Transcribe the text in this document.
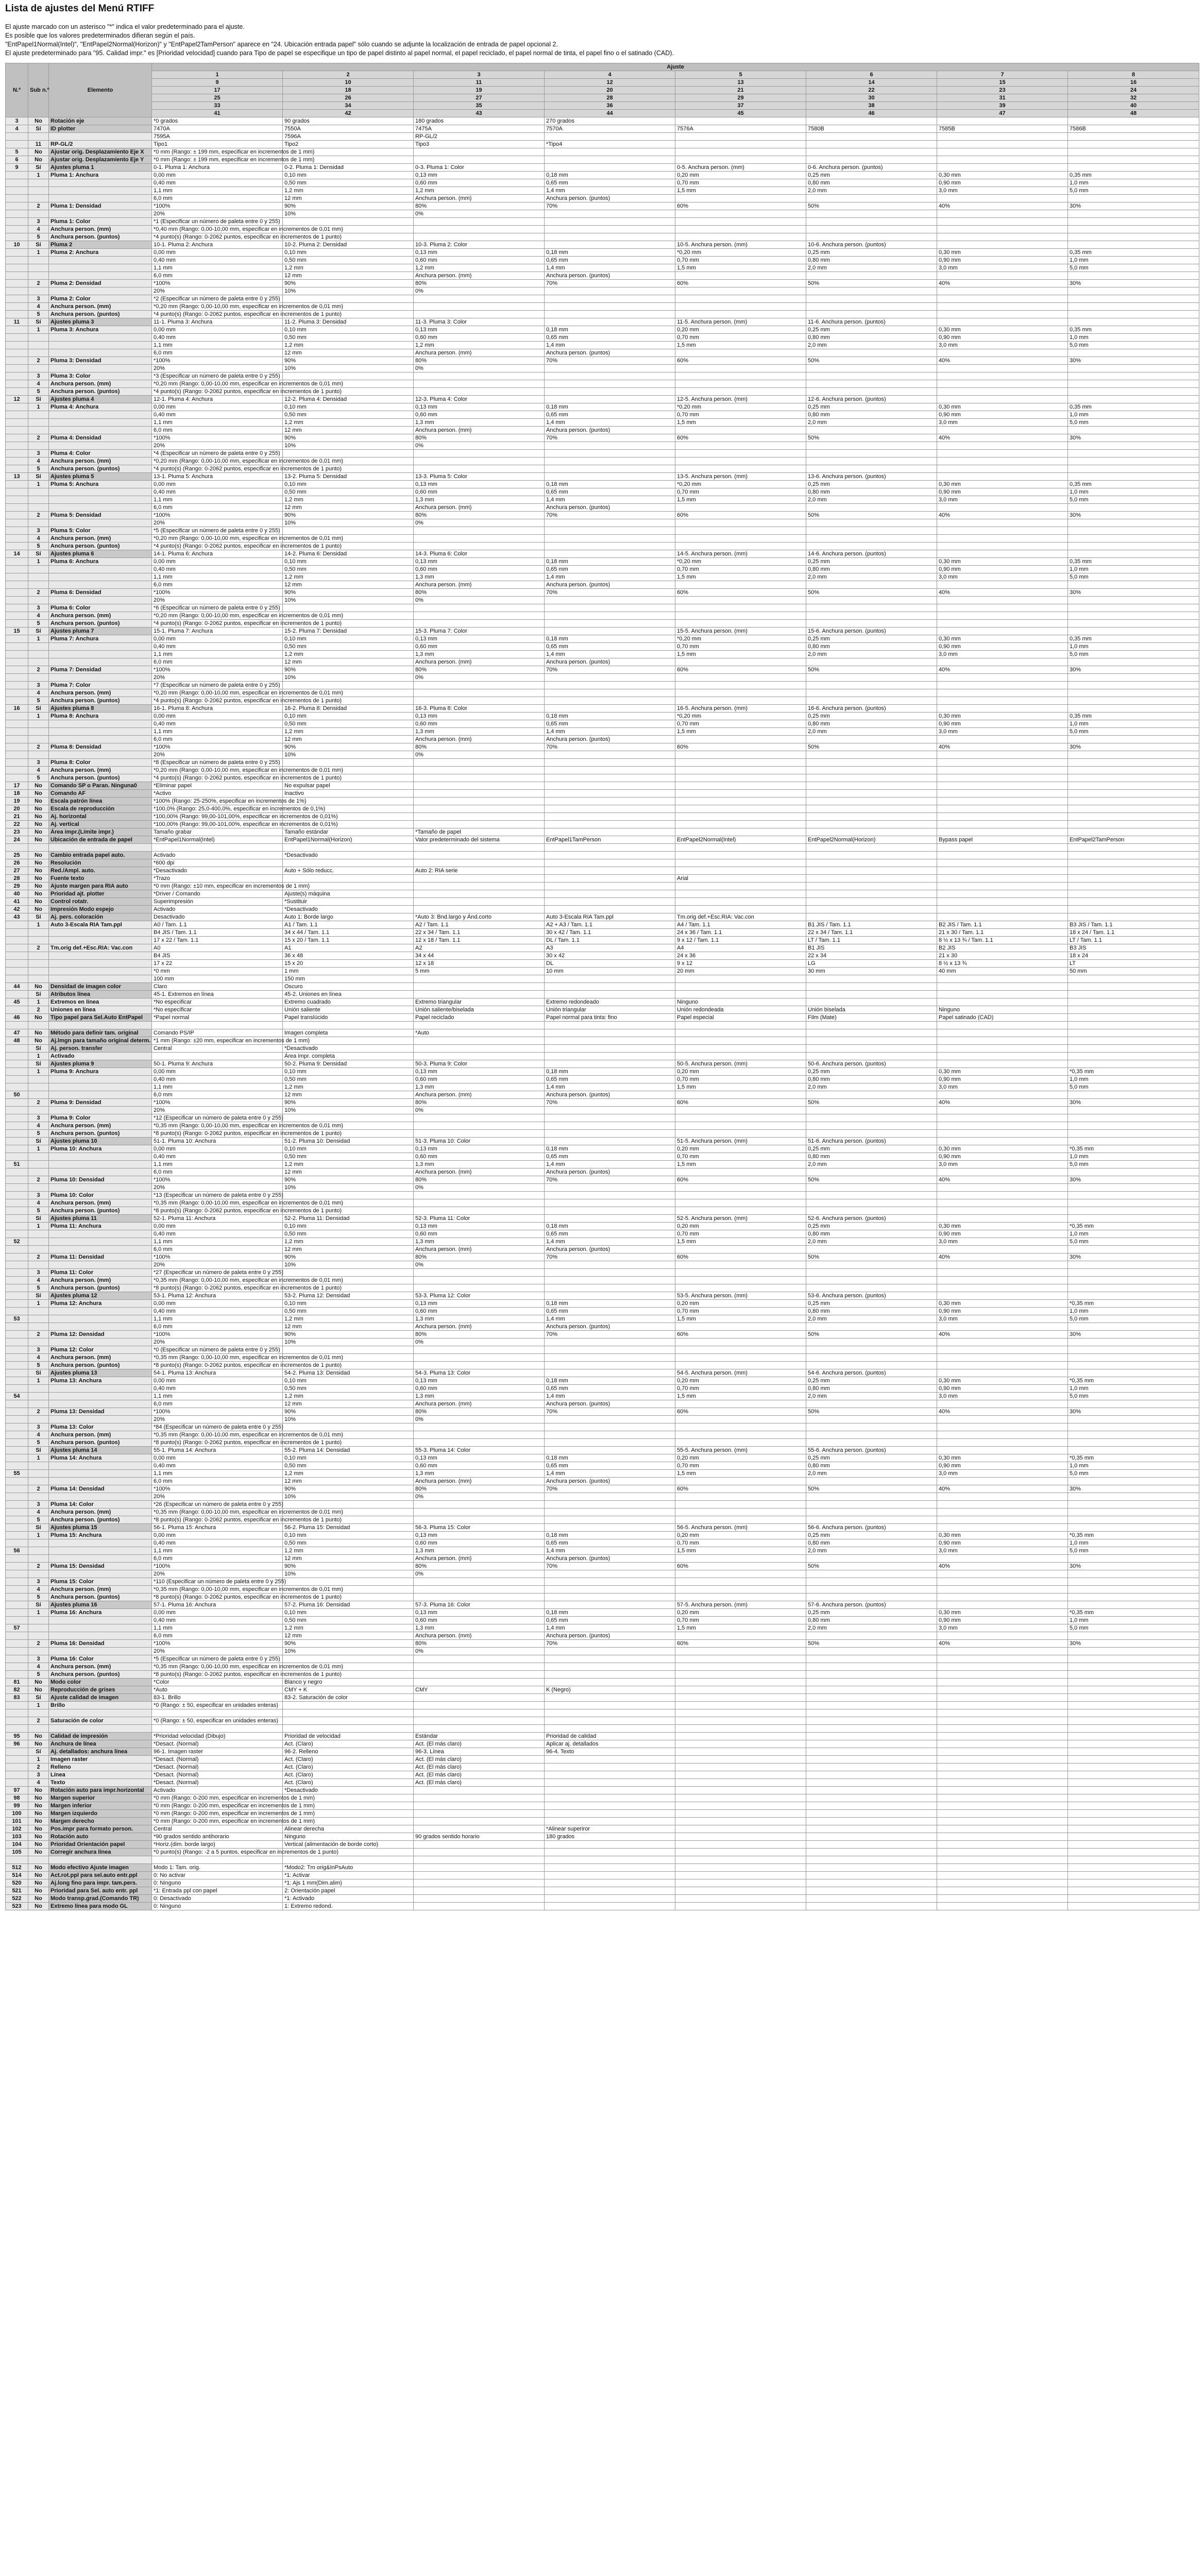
Lista de ajustes del Menú RTIFF

El ajuste marcado con un asterisco "*" indica el valor predeterminado para el ajuste.

Es posible que los valores predeterminados difieran según el país.

"EntPapel1Normal(Intel)", "EntPapel2Normal(Horizon)" y "EntPapel2TamPerson" aparece en "24. Ubicación entrada papel" sólo cuando se adjunte la localización de entrada de papel opcional 2.

El ajuste predeterminado para "95. Calidad impr." es [Prioridad velocidad] cuando para Tipo de papel se especifique un tipo de papel distinto al papel normal, el papel reciclado, el papel normal de tinta, el papel fino o el satinado (CAD).

N.º	Sub n.º	Elemento	Ajuste							
			1	2	3	4	5	6	7	8
			9	10	11	12	13	14	15	16
			17	18	19	20	21	22	23	24
			25	26	27	28	29	30	31	32
			33	34	35	36	37	38	39	40
			41	42	43	44	45	46	47	48
3	No	Rotación eje	*0 grados	90 grados	180 grados	270 grados				
4	Sí	ID plotter	7470A	7550A	7475A	7570A	7576A	7580B	7585B	7586B
			7595A	7596A	RP-GL/2					
	11	RP-GL/2	Tipo1	Tipo2	Tipo3	*Tipo4				
5	No	Ajustar orig. Desplazamiento Eje X	*0 mm (Rango: ± 199 mm, especificar en incrementos de 1 mm)							
6	No	Ajustar orig. Desplazamiento Eje Y	*0 mm (Rango: ± 199 mm, especificar en incrementos de 1 mm)							
9	Sí	Ajustes pluma 1	0-1. Pluma 1: Anchura	0-2. Pluma 1: Densidad	0-3. Pluma 1: Color		0-5. Anchura person. (mm)	0-6. Anchura person. (puntos)		
	1	Pluma 1: Anchura	0,00 mm	0,10 mm	0,13 mm	0,18 mm	0,20 mm	0,25 mm	0,30 mm	0,35 mm
			0,40 mm	0,50 mm	0,60 mm	0,65 mm	0,70 mm	0,80 mm	0,90 mm	1,0 mm
			1,1 mm	1,2 mm	1,2 mm	1,4 mm	1,5 mm	2,0 mm	3,0 mm	5,0 mm
			6,0 mm	12 mm	Anchura person. (mm)	Anchura person. (puntos)				
	2	Pluma 1: Densidad	*100%	90%	80%	70%	60%	50%	40%	30%
			20%	10%	0%					
	3	Pluma 1: Color	*1 (Especificar un número de paleta entre 0 y 255)							
	4	Anchura person. (mm)	*0,40 mm (Rango: 0,00-10,00 mm, especificar en incrementos de 0,01 mm)							
	5	Anchura person. (puntos)	*4 punto(s) (Rango: 0-2062 puntos, especificar en incrementos de 1 punto)							
10	Sí	Pluma 2	10-1. Pluma 2: Anchura	10-2. Pluma 2: Densidad	10-3. Pluma 2: Color		10-5. Anchura person. (mm)	10-6. Anchura person. (puntos)		
	1	Pluma 2: Anchura	0,00 mm	0,10 mm	0,13 mm	0,18 mm	*0,20 mm	0,25 mm	0,30 mm	0,35 mm
			0,40 mm	0,50 mm	0,60 mm	0,65 mm	0,70 mm	0,80 mm	0,90 mm	1,0 mm
			1,1 mm	1,2 mm	1,2 mm	1,4 mm	1,5 mm	2,0 mm	3,0 mm	5,0 mm
			6,0 mm	12 mm	Anchura person. (mm)	Anchura person. (puntos)				
	2	Pluma 2: Densidad	*100%	90%	80%	70%	60%	50%	40%	30%
			20%	10%	0%					
	3	Pluma 2: Color	*2 (Especificar un número de paleta entre 0 y 255)							
	4	Anchura person. (mm)	*0,20 mm (Rango: 0,00-10,00 mm, especificar en incrementos de 0,01 mm)							
	5	Anchura person. (puntos)	*4 punto(s) (Rango: 0-2062 puntos, especificar en incrementos de 1 punto)							
11	Sí	Ajustes pluma 3	11-1. Pluma 3: Anchura	11-2. Pluma 3: Densidad	11-3. Pluma 3: Color		11-5. Anchura person. (mm)	11-6. Anchura person. (puntos)		
	1	Pluma 3: Anchura	0,00 mm	0,10 mm	0,13 mm	0,18 mm	0,20 mm	0,25 mm	0,30 mm	0,35 mm
			0,40 mm	0,50 mm	0,60 mm	0,65 mm	0,70 mm	0,80 mm	0,90 mm	1,0 mm
			1,1 mm	1,2 mm	1,2 mm	1,4 mm	1,5 mm	2,0 mm	3,0 mm	5,0 mm
			6,0 mm	12 mm	Anchura person. (mm)	Anchura person. (puntos)				
	2	Pluma 3: Densidad	*100%	90%	80%	70%	60%	50%	40%	30%
			20%	10%	0%					
	3	Pluma 3: Color	*3 (Especificar un número de paleta entre 0 y 255)							
	4	Anchura person. (mm)	*0,20 mm (Rango: 0,00-10,00 mm, especificar en incrementos de 0,01 mm)							
	5	Anchura person. (puntos)	*4 punto(s) (Rango: 0-2062 puntos, especificar en incrementos de 1 punto)							
12	Sí	Ajustes pluma 4	12-1. Pluma 4: Anchura	12-2. Pluma 4: Densidad	12-3. Pluma 4: Color		12-5. Anchura person. (mm)	12-6. Anchura person. (puntos)		
	1	Pluma 4: Anchura	0,00 mm	0,10 mm	0,13 mm	0,18 mm	*0,20 mm	0,25 mm	0,30 mm	0,35 mm
			0,40 mm	0,50 mm	0,60 mm	0,65 mm	0,70 mm	0,80 mm	0,90 mm	1,0 mm
			1,1 mm	1,2 mm	1,3 mm	1,4 mm	1,5 mm	2,0 mm	3,0 mm	5,0 mm
			6,0 mm	12 mm	Anchura person. (mm)	Anchura person. (puntos)				
	2	Pluma 4: Densidad	*100%	90%	80%	70%	60%	50%	40%	30%
			20%	10%	0%					
	3	Pluma 4: Color	*4 (Especificar un número de paleta entre 0 y 255)							
	4	Anchura person. (mm)	*0,20 mm (Rango: 0,00-10,00 mm, especificar en incrementos de 0,01 mm)							
	5	Anchura person. (puntos)	*4 punto(s) (Rango: 0-2062 puntos, especificar en incrementos de 1 punto)							
13	Sí	Ajustes pluma 5	13-1. Pluma 5: Anchura	13-2. Pluma 5: Densidad	13-3. Pluma 5: Color		13-5. Anchura person. (mm)	13-6. Anchura person. (puntos)		
	1	Pluma 5: Anchura	0,00 mm	0,10 mm	0,13 mm	0,18 mm	*0,20 mm	0,25 mm	0,30 mm	0,35 mm
			0,40 mm	0,50 mm	0,60 mm	0,65 mm	0,70 mm	0,80 mm	0,90 mm	1,0 mm
			1,1 mm	1,2 mm	1,3 mm	1,4 mm	1,5 mm	2,0 mm	3,0 mm	5,0 mm
			6,0 mm	12 mm	Anchura person. (mm)	Anchura person. (puntos)				
	2	Pluma 5: Densidad	*100%	90%	80%	70%	60%	50%	40%	30%
			20%	10%	0%					
	3	Pluma 5: Color	*5 (Especificar un número de paleta entre 0 y 255)							
	4	Anchura person. (mm)	*0,20 mm (Rango: 0,00-10,00 mm, especificar en incrementos de 0,01 mm)							
	5	Anchura person. (puntos)	*4 punto(s) (Rango: 0-2062 puntos, especificar en incrementos de 1 punto)							
14	Sí	Ajustes pluma 6	14-1. Pluma 6: Anchura	14-2. Pluma 6: Densidad	14-3. Pluma 6: Color		14-5. Anchura person. (mm)	14-6. Anchura person. (puntos)		
	1	Pluma 6: Anchura	0,00 mm	0,10 mm	0,13 mm	0,18 mm	*0,20 mm	0,25 mm	0,30 mm	0,35 mm
			0,40 mm	0,50 mm	0,60 mm	0,65 mm	0,70 mm	0,80 mm	0,90 mm	1,0 mm
			1,1 mm	1,2 mm	1,3 mm	1,4 mm	1,5 mm	2,0 mm	3,0 mm	5,0 mm
			6,0 mm	12 mm	Anchura person. (mm)	Anchura person. (puntos)				
	2	Pluma 6: Densidad	*100%	90%	80%	70%	60%	50%	40%	30%
			20%	10%	0%					
	3	Pluma 6: Color	*6 (Especificar un número de paleta entre 0 y 255)							
	4	Anchura person. (mm)	*0,20 mm (Rango: 0,00-10,00 mm, especificar en incrementos de 0,01 mm)							
	5	Anchura person. (puntos)	*4 punto(s) (Rango: 0-2062 puntos, especificar en incrementos de 1 punto)							
15	Sí	Ajustes pluma 7	15-1. Pluma 7: Anchura	15-2. Pluma 7: Densidad	15-3. Pluma 7: Color		15-5. Anchura person. (mm)	15-6. Anchura person. (puntos)		
	1	Pluma 7: Anchura	0,00 mm	0,10 mm	0,13 mm	0,18 mm	*0,20 mm	0,25 mm	0,30 mm	0,35 mm
			0,40 mm	0,50 mm	0,60 mm	0,65 mm	0,70 mm	0,80 mm	0,90 mm	1,0 mm
			1,1 mm	1,2 mm	1,3 mm	1,4 mm	1,5 mm	2,0 mm	3,0 mm	5,0 mm
			6,0 mm	12 mm	Anchura person. (mm)	Anchura person. (puntos)				
	2	Pluma 7: Densidad	*100%	90%	80%	70%	60%	50%	40%	30%
			20%	10%	0%					
	3	Pluma 7: Color	*7 (Especificar un número de paleta entre 0 y 255)							
	4	Anchura person. (mm)	*0,20 mm (Rango: 0,00-10,00 mm, especificar en incrementos de 0,01 mm)							
	5	Anchura person. (puntos)	*4 punto(s) (Rango: 0-2062 puntos, especificar en incrementos de 1 punto)							
16	Sí	Ajustes pluma 8	16-1. Pluma 8: Anchura	16-2. Pluma 8: Densidad	16-3. Pluma 8: Color		16-5. Anchura person. (mm)	16-6. Anchura person. (puntos)		
	1	Pluma 8: Anchura	0,00 mm	0,10 mm	0,13 mm	0,18 mm	*0,20 mm	0,25 mm	0,30 mm	0,35 mm
			0,40 mm	0,50 mm	0,60 mm	0,65 mm	0,70 mm	0,80 mm	0,90 mm	1,0 mm
			1,1 mm	1,2 mm	1,3 mm	1,4 mm	1,5 mm	2,0 mm	3,0 mm	5,0 mm
			6,0 mm	12 mm	Anchura person. (mm)	Anchura person. (puntos)				
	2	Pluma 8: Densidad	*100%	90%	80%	70%	60%	50%	40%	30%
			20%	10%	0%					
	3	Pluma 8: Color	*8 (Especificar un número de paleta entre 0 y 255)							
	4	Anchura person. (mm)	*0,20 mm (Rango: 0,00-10,00 mm, especificar en incrementos de 0,01 mm)							
	5	Anchura person. (puntos)	*4 punto(s) (Rango: 0-2062 puntos, especificar en incrementos de 1 punto)							
17	No	Comando SP o Paran. Ninguna0	*Eliminar papel	No expulsar papel						
18	No	Comando AF	*Activo	Inactivo						
19	No	Escala patrón línea	*100% (Rango: 25-250%, especificar en incrementos de 1%)							
20	No	Escala de reproducción	*100,0% (Rango: 25,0-400,0%, especificar en incrementos de 0,1%)							
21	No	Aj. horizontal	*100,00% (Rango: 99,00-101,00%, especificar en incrementos de 0,01%)							
22	No	Aj. vertical	*100,00% (Rango: 99,00-101,00%, especificar en incrementos de 0,01%)							
23	No	Área impr.(Límite impr.)	Tamaño grabar	Tamaño estándar	*Tamaño de papel					
24	No	Ubicación de entrada de papel	*EntPapel1Normal(Intel)	EntPapel1Normal(Horizon)	Valor predeterminado del sistema	EntPapel1TamPerson	EntPapel2Normal(Intel)	EntPapel2Normal(Horizon)	Bypass papel	EntPapel2TamPerson

25	No	Cambio entrada papel auto.	Activado	*Desactivado						
26	No	Resolución	*600 dpi							
27	No	Red./Ampl. auto.	*Desactivado	Auto + Sólo reducc.	Auto 2: RIA serie					
28	No	Fuente texto	*Trazo				Arial			
29	No	Ajuste margen para RIA auto	*0 mm (Rango: ±10 mm, especificar en incrementos de 1 mm)							
40	No	Prioridad ajt. plotter	*Driver / Comando	Ajuste(s) máquina						
41	No	Control rotatr.	Superimpresión	*Sustituir						
42	No	Impresión Modo espejo	Activado	*Desactivado						
43	Sí	Aj. pers. coloración	Desactivado	Auto 1: Borde largo	*Auto 3: Bnd.largo y Ánd.corto	Auto 3-Escala RIA Tam.ppl	Tm.orig def.+Esc.RIA: Vac.con			
	1	Auto 3-Escala RIA Tam.ppl	A0 / Tam. 1.1	A1 / Tam. 1.1	A2 / Tam. 1.1	A2 + A3 / Tam. 1.1	A4 / Tam. 1.1	B1 JIS / Tam. 1.1	B2 JIS / Tam. 1.1	B3 JIS / Tam. 1.1
			B4 JIS / Tam. 1.1	34 x 44 / Tam. 1.1	22 x 34 / Tam. 1.1	30 x 42 / Tam. 1.1	24 x 36 / Tam. 1.1	22 x 34 / Tam. 1.1	21 x 30 / Tam. 1.1	18 x 24 / Tam. 1.1
			17 x 22 / Tam. 1.1	15 x 20 / Tam. 1.1	12 x 18 / Tam. 1.1	DL / Tam. 1.1	9 x 12 / Tam. 1.1	LT / Tam. 1.1	8 ½ x 13 ¾ / Tam. 1.1	LT / Tam. 1.1
	2	Tm.orig def.+Esc.RIA: Vac.con	A0	A1	A2	A3	A4	B1 JIS	B2 JIS	B3 JIS
			B4 JIS	36 x 48	34 x 44	30 x 42	24 x 36	22 x 34	21 x 30	18 x 24
			17 x 22	15 x 20	12 x 18	DL	9 x 12	LG	8 ½ x 13 ¾	LT
			*0 mm	1 mm	5 mm	10 mm	20 mm	30 mm	40 mm	50 mm
			100 mm	150 mm						
44	No	Densidad de imagen color	Claro	Oscuro						
	Sí	Atributos línea	45-1. Extremos en línea	45-2. Uniones en línea						
45	1	Extremos en línea	*No especificar	Extremo cuadrado	Extremo triangular	Extremo redondeado	Ninguno			
	2	Uniones en línea	*No especificar	Unión saliente	Unión saliente/biselada	Unión triangular	Unión redondeada	Unión biselada	Ninguno	
46	No	Tipo papel para Sel.Auto EntPapel	*Papel normal	Papel translúcido	Papel reciclado	Papel normal para tinta: fino	Papel especial	Film (Mate)	Papel satinado (CAD)	

47	No	Método para definir tam. original	Comando PS/IP	Imagen completa	*Auto					
48	No	Aj.lmgn para tamaño original determ.	*1 mm (Rango: ±20 mm, especificar en incrementos de 1 mm)							
	Sí	Aj. person. transfer	Central	*Desactivado						
	1	Activado		Área impr. completa						
	Sí	Ajustes pluma 9	50-1. Pluma 9: Anchura	50-2. Pluma 9: Densidad	50-3. Pluma 9: Color		50-5. Anchura person. (mm)	50-6. Anchura person. (puntos)		
	1	Pluma 9: Anchura	0,00 mm	0,10 mm	0,13 mm	0,18 mm	0,20 mm	0,25 mm	0,30 mm	*0,35 mm
			0,40 mm	0,50 mm	0,60 mm	0,65 mm	0,70 mm	0,80 mm	0,90 mm	1,0 mm
			1,1 mm	1,2 mm	1,3 mm	1,4 mm	1,5 mm	2,0 mm	3,0 mm	5,0 mm
50			6,0 mm	12 mm	Anchura person. (mm)	Anchura person. (puntos)				
	2	Pluma 9: Densidad	*100%	90%	80%	70%	60%	50%	40%	30%
			20%	10%	0%					
	3	Pluma 9: Color	*12 (Especificar un número de paleta entre 0 y 255)							
	4	Anchura person. (mm)	*0,35 mm (Rango: 0,00-10,00 mm, especificar en incrementos de 0,01 mm)							
	5	Anchura person. (puntos)	*8 punto(s) (Rango: 0-2062 puntos, especificar en incrementos de 1 punto)							
	Sí	Ajustes pluma 10	51-1. Pluma 10: Anchura	51-2. Pluma 10: Densidad	51-3. Pluma 10: Color		51-5. Anchura person. (mm)	51-6. Anchura person. (puntos)		
	1	Pluma 10: Anchura	0,00 mm	0,10 mm	0,13 mm	0,18 mm	0,20 mm	0,25 mm	0,30 mm	*0,35 mm
			0,40 mm	0,50 mm	0,60 mm	0,65 mm	0,70 mm	0,80 mm	0,90 mm	1,0 mm
51			1,1 mm	1,2 mm	1,3 mm	1,4 mm	1,5 mm	2,0 mm	3,0 mm	5,0 mm
			6,0 mm	12 mm	Anchura person. (mm)	Anchura person. (puntos)				
	2	Pluma 10: Densidad	*100%	90%	80%	70%	60%	50%	40%	30%
			20%	10%	0%					
	3	Pluma 10: Color	*13 (Especificar un número de paleta entre 0 y 255)							
	4	Anchura person. (mm)	*0,35 mm (Rango: 0,00-10,00 mm, especificar en incrementos de 0,01 mm)							
	5	Anchura person. (puntos)	*8 punto(s) (Rango: 0-2062 puntos, especificar en incrementos de 1 punto)							
	Sí	Ajustes pluma 11	52-1. Pluma 11: Anchura	52-2. Pluma 11: Densidad	52-3. Pluma 11: Color		52-5. Anchura person. (mm)	52-6. Anchura person. (puntos)		
	1	Pluma 11: Anchura	0,00 mm	0,10 mm	0,13 mm	0,18 mm	0,20 mm	0,25 mm	0,30 mm	*0,35 mm
			0,40 mm	0,50 mm	0,60 mm	0,65 mm	0,70 mm	0,80 mm	0,90 mm	1,0 mm
52			1,1 mm	1,2 mm	1,3 mm	1,4 mm	1,5 mm	2,0 mm	3,0 mm	5,0 mm
			6,0 mm	12 mm	Anchura person. (mm)	Anchura person. (puntos)				
	2	Pluma 11: Densidad	*100%	90%	80%	70%	60%	50%	40%	30%
			20%	10%	0%					
	3	Pluma 11: Color	*27 (Especificar un número de paleta entre 0 y 255)							
	4	Anchura person. (mm)	*0,35 mm (Rango: 0,00-10,00 mm, especificar en incrementos de 0,01 mm)							
	5	Anchura person. (puntos)	*8 punto(s) (Rango: 0-2062 puntos, especificar en incrementos de 1 punto)							
	Sí	Ajustes pluma 12	53-1. Pluma 12: Anchura	53-2. Pluma 12: Densidad	53-3. Pluma 12: Color		53-5. Anchura person. (mm)	53-6. Anchura person. (puntos)		
	1	Pluma 12: Anchura	0,00 mm	0,10 mm	0,13 mm	0,18 mm	0,20 mm	0,25 mm	0,30 mm	*0,35 mm
			0,40 mm	0,50 mm	0,60 mm	0,65 mm	0,70 mm	0,80 mm	0,90 mm	1,0 mm
53			1,1 mm	1,2 mm	1,3 mm	1,4 mm	1,5 mm	2,0 mm	3,0 mm	5,0 mm
			6,0 mm	12 mm	Anchura person. (mm)	Anchura person. (puntos)				
	2	Pluma 12: Densidad	*100%	90%	80%	70%	60%	50%	40%	30%
			20%	10%	0%					
	3	Pluma 12: Color	*0 (Especificar un número de paleta entre 0 y 255)							
	4	Anchura person. (mm)	*0,35 mm (Rango: 0,00-10,00 mm, especificar en incrementos de 0,01 mm)							
	5	Anchura person. (puntos)	*8 punto(s) (Rango: 0-2062 puntos, especificar en incrementos de 1 punto)							
	Sí	Ajustes pluma 13	54-1. Pluma 13: Anchura	54-2. Pluma 13: Densidad	54-3. Pluma 13: Color		54-5. Anchura person. (mm)	54-6. Anchura person. (puntos)		
	1	Pluma 13: Anchura	0,00 mm	0,10 mm	0,13 mm	0,18 mm	0,20 mm	0,25 mm	0,30 mm	*0,35 mm
			0,40 mm	0,50 mm	0,60 mm	0,65 mm	0,70 mm	0,80 mm	0,90 mm	1,0 mm
54			1,1 mm	1,2 mm	1,3 mm	1,4 mm	1,5 mm	2,0 mm	3,0 mm	5,0 mm
			6,0 mm	12 mm	Anchura person. (mm)	Anchura person. (puntos)				
	2	Pluma 13: Densidad	*100%	90%	80%	70%	60%	50%	40%	30%
			20%	10%	0%					
	3	Pluma 13: Color	*84 (Especificar un número de paleta entre 0 y 255)							
	4	Anchura person. (mm)	*0,35 mm (Rango: 0,00-10,00 mm, especificar en incrementos de 0,01 mm)							
	5	Anchura person. (puntos)	*8 punto(s) (Rango: 0-2062 puntos, especificar en incrementos de 1 punto)							
	Sí	Ajustes pluma 14	55-1. Pluma 14: Anchura	55-2. Pluma 14: Densidad	55-3. Pluma 14: Color		55-5. Anchura person. (mm)	55-6. Anchura person. (puntos)		
	1	Pluma 14: Anchura	0,00 mm	0,10 mm	0,13 mm	0,18 mm	0,20 mm	0,25 mm	0,30 mm	*0,35 mm
			0,40 mm	0,50 mm	0,60 mm	0,65 mm	0,70 mm	0,80 mm	0,90 mm	1,0 mm
55			1,1 mm	1,2 mm	1,3 mm	1,4 mm	1,5 mm	2,0 mm	3,0 mm	5,0 mm
			6,0 mm	12 mm	Anchura person. (mm)	Anchura person. (puntos)				
	2	Pluma 14: Densidad	*100%	90%	80%	70%	60%	50%	40%	30%
			20%	10%	0%					
	3	Pluma 14: Color	*26 (Especificar un número de paleta entre 0 y 255)							
	4	Anchura person. (mm)	*0,35 mm (Rango: 0,00-10,00 mm, especificar en incrementos de 0,01 mm)							
	5	Anchura person. (puntos)	*8 punto(s) (Rango: 0-2062 puntos, especificar en incrementos de 1 punto)							
	Sí	Ajustes pluma 15	56-1. Pluma 15: Anchura	56-2. Pluma 15: Densidad	56-3. Pluma 15: Color		56-5. Anchura person. (mm)	56-6. Anchura person. (puntos)		
	1	Pluma 15: Anchura	0,00 mm	0,10 mm	0,13 mm	0,18 mm	0,20 mm	0,25 mm	0,30 mm	*0,35 mm
			0,40 mm	0,50 mm	0,60 mm	0,65 mm	0,70 mm	0,80 mm	0,90 mm	1,0 mm
56			1,1 mm	1,2 mm	1,3 mm	1,4 mm	1,5 mm	2,0 mm	3,0 mm	5,0 mm
			6,0 mm	12 mm	Anchura person. (mm)	Anchura person. (puntos)				
	2	Pluma 15: Densidad	*100%	90%	80%	70%	60%	50%	40%	30%
			20%	10%	0%					
	3	Pluma 15: Color	*110 (Especificar un número de paleta entre 0 y 255)							
	4	Anchura person. (mm)	*0,35 mm (Rango: 0,00-10,00 mm, especificar en incrementos de 0,01 mm)							
	5	Anchura person. (puntos)	*8 punto(s) (Rango: 0-2062 puntos, especificar en incrementos de 1 punto)							
	Sí	Ajustes pluma 16	57-1. Pluma 16: Anchura	57-2. Pluma 16: Densidad	57-3. Pluma 16: Color		57-5. Anchura person. (mm)	57-6. Anchura person. (puntos)		
	1	Pluma 16: Anchura	0,00 mm	0,10 mm	0,13 mm	0,18 mm	0,20 mm	0,25 mm	0,30 mm	*0,35 mm
			0,40 mm	0,50 mm	0,60 mm	0,65 mm	0,70 mm	0,80 mm	0,90 mm	1,0 mm
57			1,1 mm	1,2 mm	1,3 mm	1,4 mm	1,5 mm	2,0 mm	3,0 mm	5,0 mm
			6,0 mm	12 mm	Anchura person. (mm)	Anchura person. (puntos)				
	2	Pluma 16: Densidad	*100%	90%	80%	70%	60%	50%	40%	30%
			20%	10%	0%					
	3	Pluma 16: Color	*5 (Especificar un número de paleta entre 0 y 255)							
	4	Anchura person. (mm)	*0,35 mm (Rango: 0,00-10,00 mm, especificar en incrementos de 0,01 mm)							
	5	Anchura person. (puntos)	*8 punto(s) (Rango: 0-2062 puntos, especificar en incrementos de 1 punto)							
81	No	Modo color	*Color	Blanco y negro						
82	No	Reproducción de grises	*Auto	CMY + K	CMY	K (Negro)				
83	Sí	Ajuste calidad de imagen	83-1. Brillo	83-2. Saturación de color						
	1	Brillo	*0 (Rango: ± 50, especificar en unidades enteras)							

	2	Saturación de color	*0 (Rango: ± 50, especificar en unidades enteras)							

95	No	Calidad de impresión	*Prioridad velocidad (Dibujo)	Prioridad de velocidad	Estándar	Prioridad de calidad				
96	No	Anchura de línea	*Desact. (Normal)	Act. (Claro)	Act. (El más claro)	Aplicar aj. detallados				
	Sí	Aj. detallados: anchura línea	96-1. Imagen raster	96-2. Relleno	96-3. Línea	96-4. Texto				
	1	Imagen raster	*Desact. (Normal)	Act. (Claro)	Act. (El más claro)					
	2	Relleno	*Desact. (Normal)	Act. (Claro)	Act. (El más claro)					
	3	Línea	*Desact. (Normal)	Act. (Claro)	Act. (El más claro)					
	4	Texto	*Desact. (Normal)	Act. (Claro)	Act. (El más claro)					
97	No	Rotación auto para impr.horizontal	Activado	*Desactivado						
98	No	Margen superior	*0 mm (Rango: 0-200 mm, especificar en incrementos de 1 mm)							
99	No	Margen inferior	*0 mm (Rango: 0-200 mm, especificar en incrementos de 1 mm)							
100	No	Margen izquierdo	*0 mm (Rango: 0-200 mm, especificar en incrementos de 1 mm)							
101	No	Margen derecho	*0 mm (Rango: 0-200 mm, especificar en incrementos de 1 mm)							
102	No	Pos.impr para formato person.	Central	Alinear derecha		*Alinear superiror				
103	No	Rotación auto	*90 grados sentido antihorario	Ninguno	90 grados sentido horario	180 grados				
104	No	Prioridad Orientación papel	*Horiz.(dim. borde largo)	Vertical (alimentación de borde corto)						
105	No	Corregir anchura línea	*0 punto(s) (Rango: -2 a 5 puntos, especificar en incrementos de 1 punto)							

512	No	Modo efectivo Ajuste imagen	Modo 1: Tam. orig.	*Modo2: Tm orig&InPsAuto						
514	No	Act.rot.ppl para sel.auto entr.ppl	0: No activar	*1: Activar						
520	No	Aj.long fino para impr. tam.pers.	0: Ninguno	*1: Ajs 1 mm(Dim.alim)						
521	No	Prioridad para Sel. auto entr. ppl	*1: Entrada ppl con papel	2: Orientación papel						
522	No	Modo transp.grad.(Comando TR)	0: Desactivado	*1: Activado						
523	No	Extremo línea para modo GL	0: Ninguno	1: Extremo redond.						
